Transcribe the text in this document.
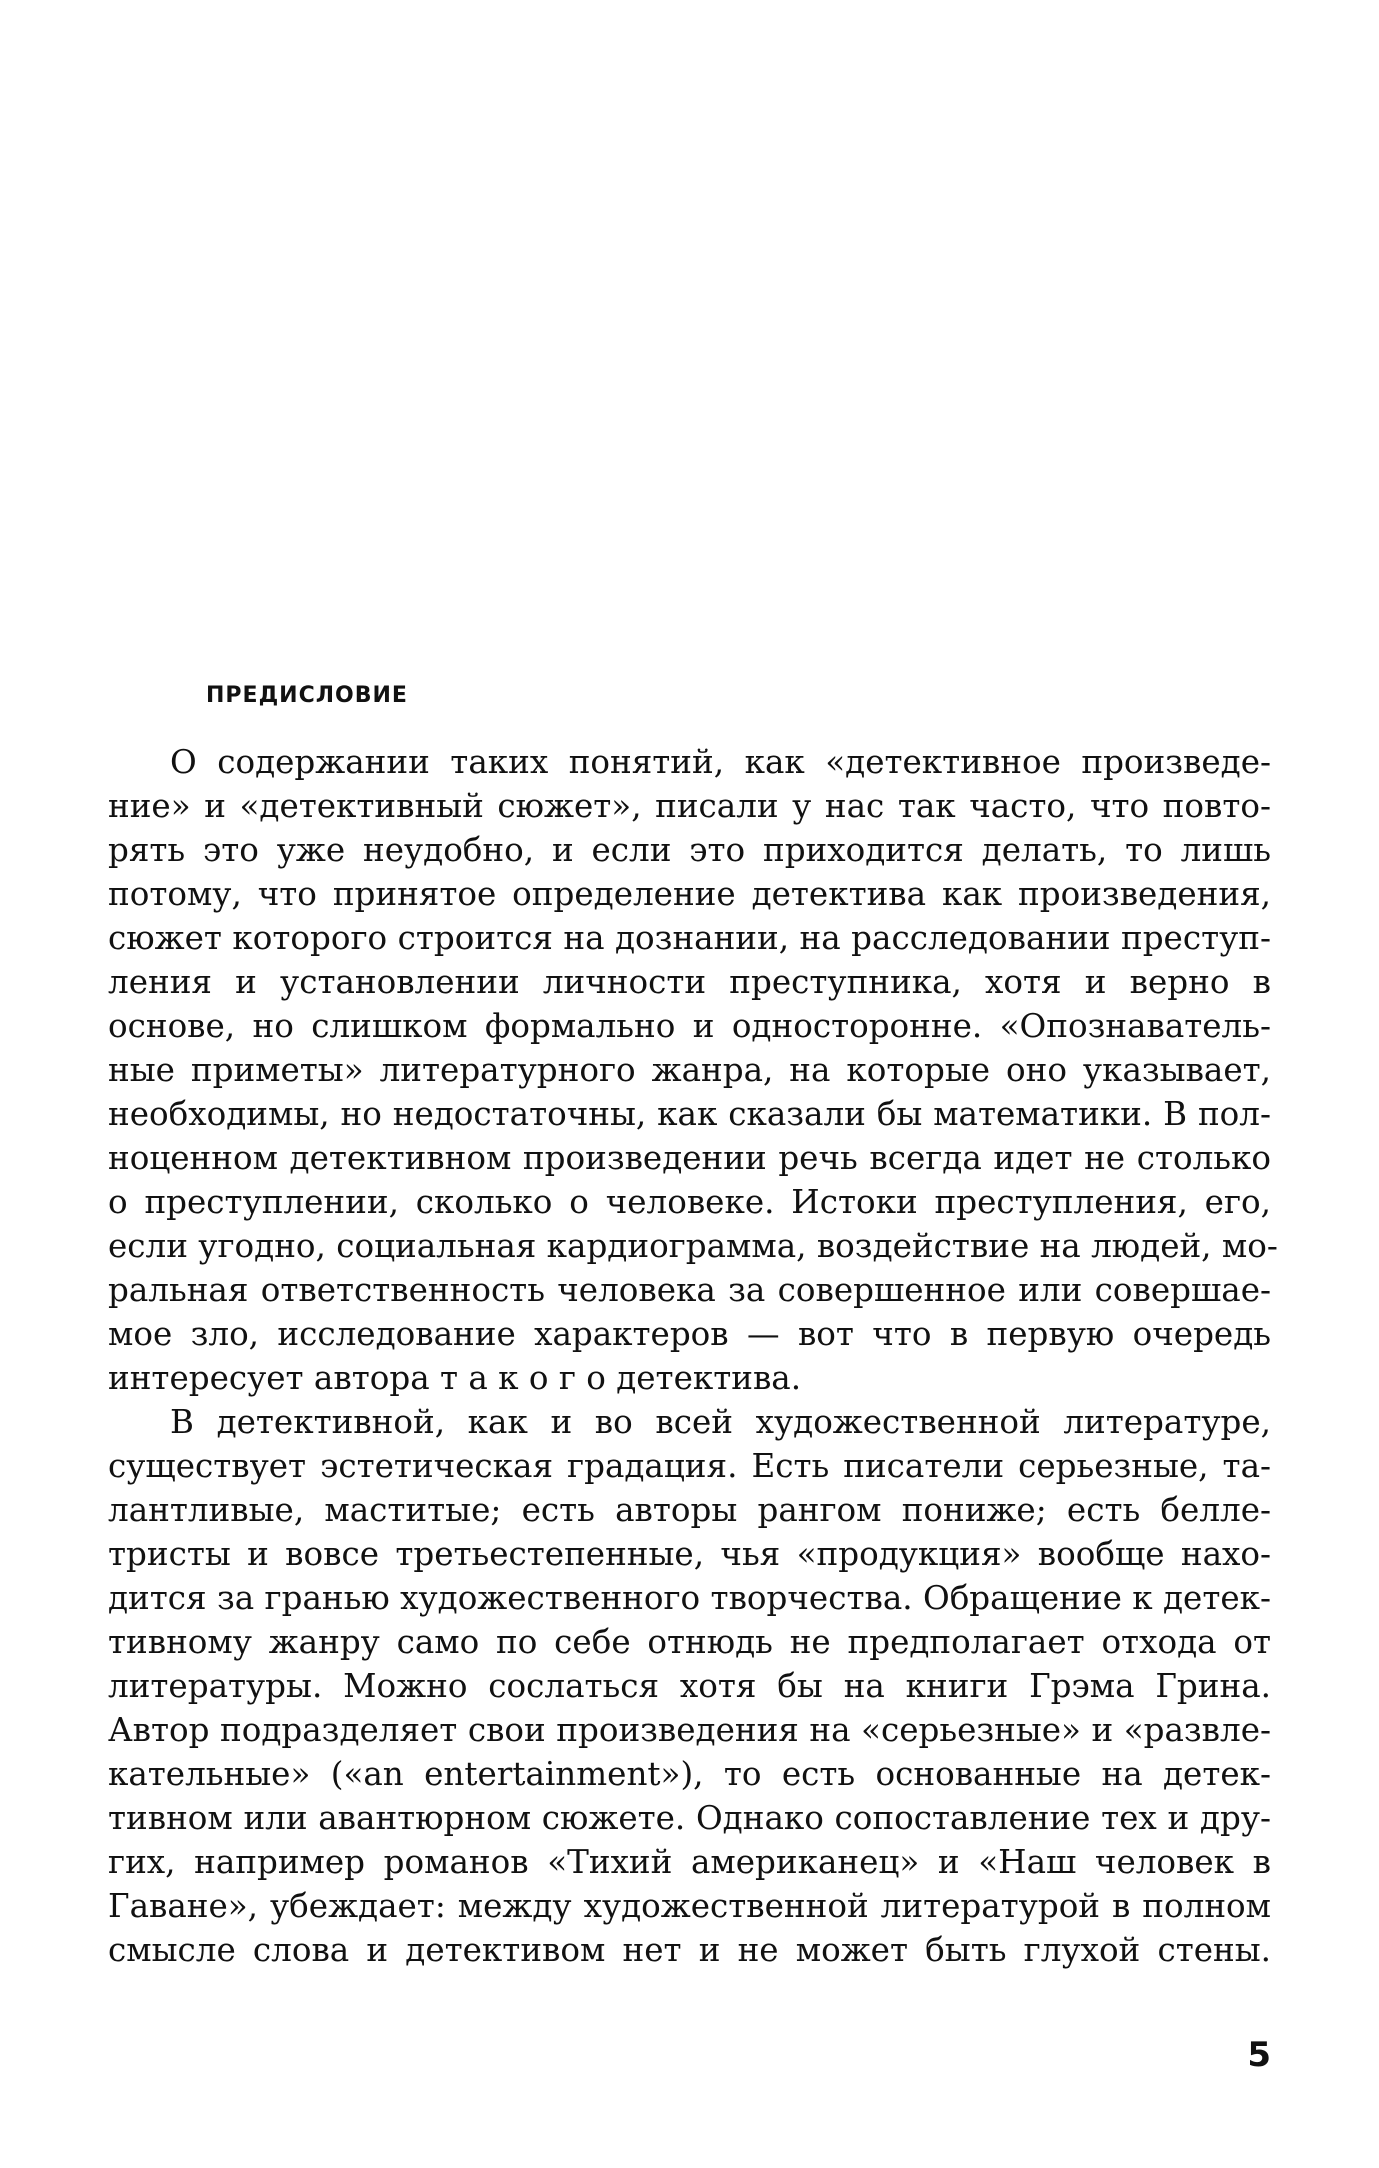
ПРЕДИСЛОВИЕ
О содержании таких понятий, как «детективное произведе-
ние» и «детективный сюжет», писали у нас так часто, что повто-
рять это уже неудобно, и если это приходится делать, то лишь
потому, что принятое определение детектива как произведения,
сюжет которого строится на дознании, на расследовании преступ-
ления и установлении личности преступника, хотя и верно в
основе, но слишком формально и односторонне. «Опознаватель-
ные приметы» литературного жанра, на которые оно указывает,
необходимы, но недостаточны, как сказали бы математики. В пол-
ноценном детективном произведении речь всегда идет не столько
о преступлении, сколько о человеке. Истоки преступления, его,
если угодно, социальная кардиограмма, воздействие на людей, мо-
ральная ответственность человека за совершенное или совершае-
мое зло, исследование характеров — вот что в первую очередь
интересует автора т а к о г о детектива.
В детективной, как и во всей художественной литературе,
существует эстетическая градация. Есть писатели серьезные, та-
лантливые, маститые; есть авторы рангом пониже; есть белле-
тристы и вовсе третьестепенные, чья «продукция» вообще нахо-
дится за гранью художественного творчества. Обращение к детек-
тивному жанру само по себе отнюдь не предполагает отхода от
литературы. Можно сослаться хотя бы на книги Грэма Грина.
Автор подразделяет свои произведения на «серьезные» и «развле-
кательные» («an entertainment»), то есть основанные на детек-
тивном или авантюрном сюжете. Однако сопоставление тех и дру-
гих, например романов «Тихий американец» и «Наш человек в
Гаване», убеждает: между художественной литературой в полном
смысле слова и детективом нет и не может быть глухой стены.
5
